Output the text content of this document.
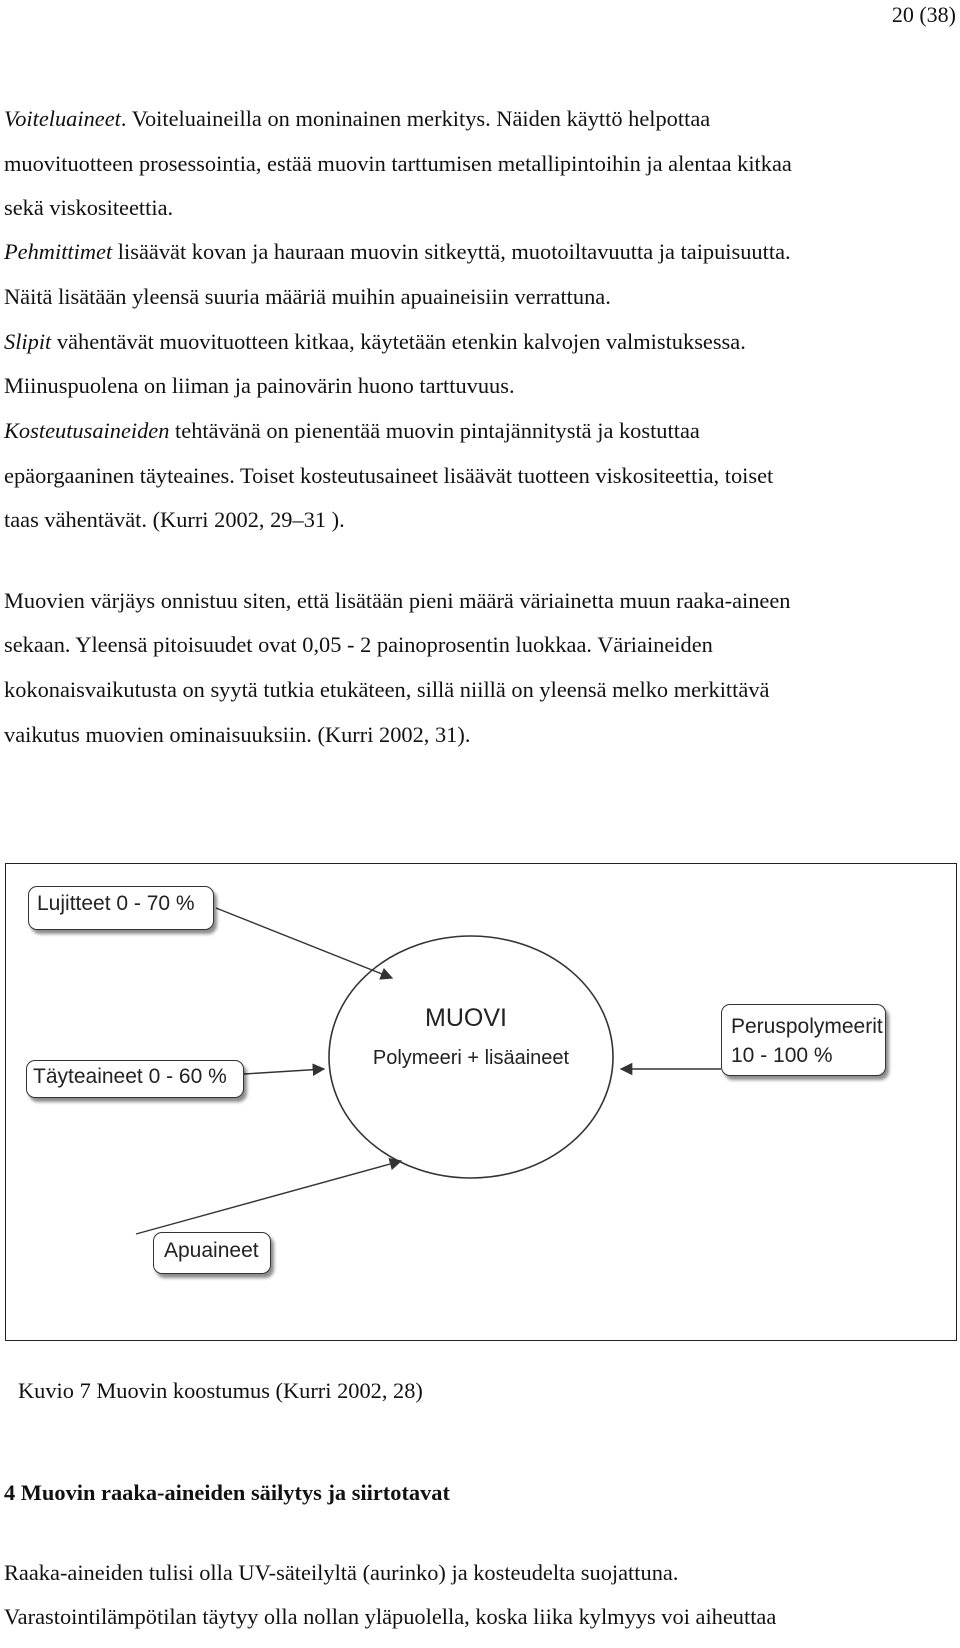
20 (38)
Voiteluaineet. Voiteluaineilla on moninainen merkitys. Näiden käyttö helpottaa
muovituotteen prosessointia, estää muovin tarttumisen metallipintoihin ja alentaa kitkaa
sekä viskositeettia.
Pehmittimet lisäävät kovan ja hauraan muovin sitkeyttä, muotoiltavuutta ja taipuisuutta.
Näitä lisätään yleensä suuria määriä muihin apuaineisiin verrattuna.
Slipit vähentävät muovituotteen kitkaa, käytetään etenkin kalvojen valmistuksessa.
Miinuspuolena on liiman ja painovärin huono tarttuvuus.
Kosteutusaineiden tehtävänä on pienentää muovin pintajännitystä ja kostuttaa
epäorgaaninen täyteaines. Toiset kosteutusaineet lisäävät tuotteen viskositeettia, toiset
taas vähentävät. (Kurri 2002, 29–31 ).
Muovien värjäys onnistuu siten, että lisätään pieni määrä väriainetta muun raaka-aineen
sekaan. Yleensä pitoisuudet ovat 0,05 - 2 painoprosentin luokkaa. Väriaineiden
kokonaisvaikutusta on syytä tutkia etukäteen, sillä niillä on yleensä melko merkittävä
vaikutus muovien ominaisuuksiin. (Kurri 2002, 31).
MUOVI
Polymeeri + lisäaineet
Lujitteet 0 - 70 %
Täyteaineet 0 - 60 %
Apuaineet
Peruspolymeerit
10 - 100 %
Kuvio 7 Muovin koostumus (Kurri 2002, 28)
4 Muovin raaka-aineiden säilytys ja siirtotavat
Raaka-aineiden tulisi olla UV-säteilyltä (aurinko) ja kosteudelta suojattuna.
Varastointilämpötilan täytyy olla nollan yläpuolella, koska liika kylmyys voi aiheuttaa
